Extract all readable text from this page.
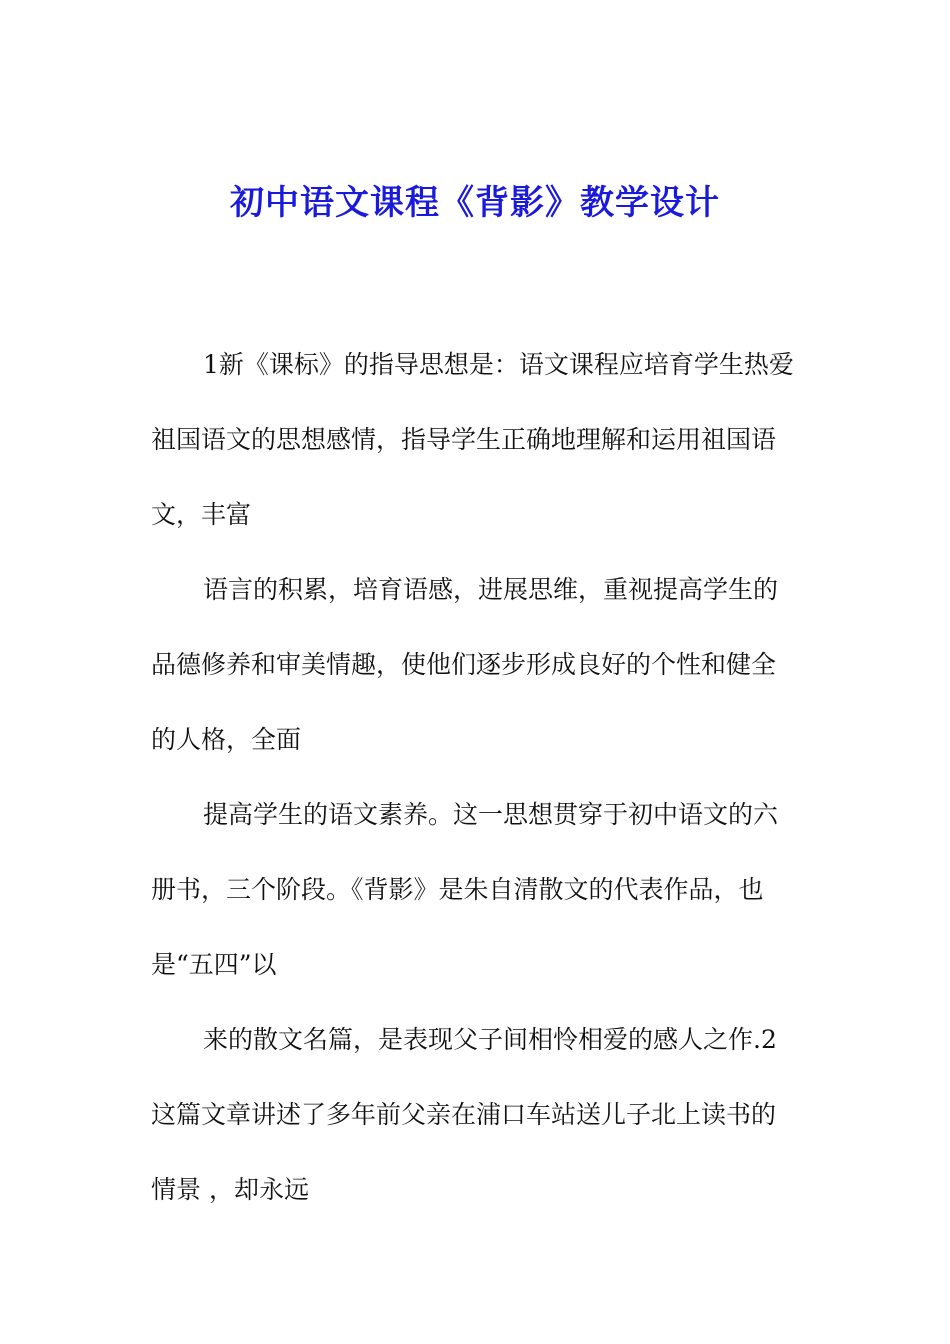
初中语文课程《背影》教学设计
1新《课标》的指导思想是：语文课程应培育学生热爱
祖国语文的思想感情，指导学生正确地理解和运用祖国语
文，丰富
语言的积累，培育语感，进展思维，重视提高学生的
品德修养和审美情趣，使他们逐步形成良好的个性和健全
的人格，全面
提高学生的语文素养。这一思想贯穿于初中语文的六
册书，三个阶段。《背影》是朱自清散文的代表作品，也
是“五四”以
来的散文名篇，是表现父子间相怜相爱的感人之作.2
这篇文章讲述了多年前父亲在浦口车站送儿子北上读书的
情景 ，却永远
